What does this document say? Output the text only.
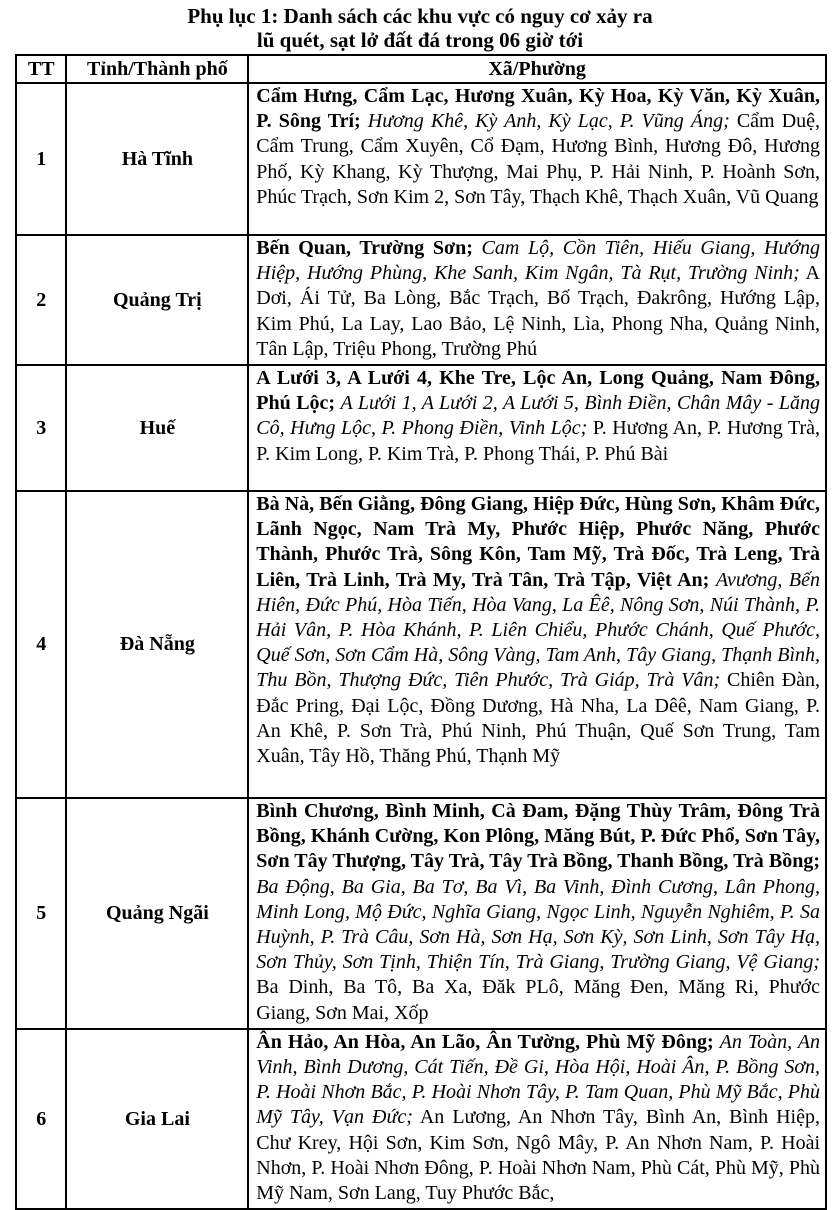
Phụ lục 1: Danh sách các khu vực có nguy cơ xảy ra
lũ quét, sạt lở đất đá trong 06 giờ tới
TT	Tỉnh/Thành phố	Xã/Phường
1	Hà Tĩnh	Cẩm Hưng, Cẩm Lạc, Hương Xuân, Kỳ Hoa, Kỳ Văn, Kỳ Xuân, P. Sông Trí; Hương Khê, Kỳ Anh, Kỳ Lạc, P. Vũng Áng; Cẩm Duệ, Cẩm Trung, Cẩm Xuyên, Cổ Đạm, Hương Bình, Hương Đô, Hương Phố, Kỳ Khang, Kỳ Thượng, Mai Phụ, P. Hải Ninh, P. Hoành Sơn, Phúc Trạch, Sơn Kim 2, Sơn Tây, Thạch Khê, Thạch Xuân, Vũ Quang
2	Quảng Trị	Bến Quan, Trường Sơn; Cam Lộ, Cồn Tiên, Hiếu Giang, Hướng Hiệp, Hướng Phùng, Khe Sanh, Kim Ngân, Tà Rụt, Trường Ninh; A Dơi, Ái Tử, Ba Lòng, Bắc Trạch, Bố Trạch, Đakrông, Hướng Lập, Kim Phú, La Lay, Lao Bảo, Lệ Ninh, Lìa, Phong Nha, Quảng Ninh, Tân Lập, Triệu Phong, Trường Phú
3	Huế	A Lưới 3, A Lưới 4, Khe Tre, Lộc An, Long Quảng, Nam Đông, Phú Lộc; A Lưới 1, A Lưới 2, A Lưới 5, Bình Điền, Chân Mây - Lăng Cô, Hưng Lộc, P. Phong Điền, Vinh Lộc; P. Hương An, P. Hương Trà, P. Kim Long, P. Kim Trà, P. Phong Thái, P. Phú Bài
4	Đà Nẵng	Bà Nà, Bến Giằng, Đông Giang, Hiệp Đức, Hùng Sơn, Khâm Đức, Lãnh Ngọc, Nam Trà My, Phước Hiệp, Phước Năng, Phước Thành, Phước Trà, Sông Kôn, Tam Mỹ, Trà Đốc, Trà Leng, Trà Liên, Trà Linh, Trà My, Trà Tân, Trà Tập, Việt An; Avương, Bến Hiên, Đức Phú, Hòa Tiến, Hòa Vang, La Êê, Nông Sơn, Núi Thành, P. Hải Vân, P. Hòa Khánh, P. Liên Chiểu, Phước Chánh, Quế Phước, Quế Sơn, Sơn Cẩm Hà, Sông Vàng, Tam Anh, Tây Giang, Thạnh Bình, Thu Bồn, Thượng Đức, Tiên Phước, Trà Giáp, Trà Vân; Chiên Đàn, Đắc Pring, Đại Lộc, Đồng Dương, Hà Nha, La Dêê, Nam Giang, P. An Khê, P. Sơn Trà, Phú Ninh, Phú Thuận, Quế Sơn Trung, Tam Xuân, Tây Hồ, Thăng Phú, Thạnh Mỹ
5	Quảng Ngãi	Bình Chương, Bình Minh, Cà Đam, Đặng Thùy Trâm, Đông Trà Bồng, Khánh Cường, Kon Plông, Măng Bút, P. Đức Phổ, Sơn Tây, Sơn Tây Thượng, Tây Trà, Tây Trà Bồng, Thanh Bồng, Trà Bồng; Ba Động, Ba Gia, Ba Tơ, Ba Vì, Ba Vinh, Đình Cương, Lân Phong, Minh Long, Mộ Đức, Nghĩa Giang, Ngọc Linh, Nguyễn Nghiêm, P. Sa Huỳnh, P. Trà Câu, Sơn Hà, Sơn Hạ, Sơn Kỳ, Sơn Linh, Sơn Tây Hạ, Sơn Thủy, Sơn Tịnh, Thiện Tín, Trà Giang, Trường Giang, Vệ Giang; Ba Dinh, Ba Tô, Ba Xa, Đăk PLô, Măng Đen, Măng Ri, Phước Giang, Sơn Mai, Xốp
6	Gia Lai	Ân Hảo, An Hòa, An Lão, Ân Tường, Phù Mỹ Đông; An Toàn, An Vinh, Bình Dương, Cát Tiến, Đề Gi, Hòa Hội, Hoài Ân, P. Bồng Sơn, P. Hoài Nhơn Bắc, P. Hoài Nhơn Tây, P. Tam Quan, Phù Mỹ Bắc, Phù Mỹ Tây, Vạn Đức; An Lương, An Nhơn Tây, Bình An, Bình Hiệp, Chư Krey, Hội Sơn, Kim Sơn, Ngô Mây, P. An Nhơn Nam, P. Hoài Nhơn, P. Hoài Nhơn Đông, P. Hoài Nhơn Nam, Phù Cát, Phù Mỹ, Phù Mỹ Nam, Sơn Lang, Tuy Phước Bắc,
